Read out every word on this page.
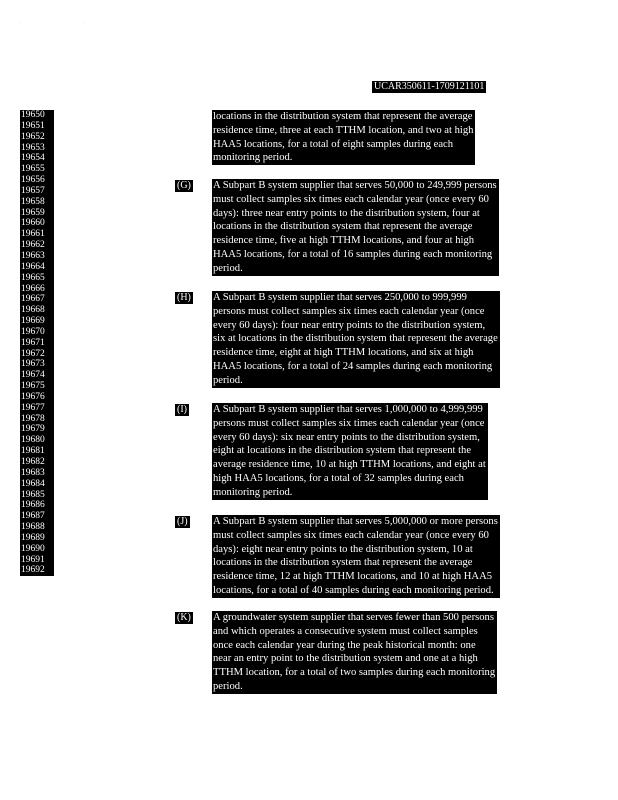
· ·
UCAR350611-1709121101
19650
19651
19652
19653
19654
19655
19656
19657
19658
19659
19660
19661
19662
19663
19664
19665
19666
19667
19668
19669
19670
19671
19672
19673
19674
19675
19676
19677
19678
19679
19680
19681
19682
19683
19684
19685
19686
19687
19688
19689
19690
19691
19692
locations in the distribution system that represent the average
residence time, three at each TTHM location, and two at high
HAA5 locations, for a total of eight samples during each
monitoring period.
(G) A Subpart B system supplier that serves 50,000 to 249,999 persons
must collect samples six times each calendar year (once every 60
days): three near entry points to the distribution system, four at
locations in the distribution system that represent the average
residence time, five at high TTHM locations, and four at high
HAA5 locations, for a total of 16 samples during each monitoring
period.
(H) A Subpart B system supplier that serves 250,000 to 999,999
persons must collect samples six times each calendar year (once
every 60 days): four near entry points to the distribution system,
six at locations in the distribution system that represent the average
residence time, eight at high TTHM locations, and six at high
HAA5 locations, for a total of 24 samples during each monitoring
period.
(I) A Subpart B system supplier that serves 1,000,000 to 4,999,999
persons must collect samples six times each calendar year (once
every 60 days): six near entry points to the distribution system,
eight at locations in the distribution system that represent the
average residence time, 10 at high TTHM locations, and eight at
high HAA5 locations, for a total of 32 samples during each
monitoring period.
(J) A Subpart B system supplier that serves 5,000,000 or more persons
must collect samples six times each calendar year (once every 60
days): eight near entry points to the distribution system, 10 at
locations in the distribution system that represent the average
residence time, 12 at high TTHM locations, and 10 at high HAA5
locations, for a total of 40 samples during each monitoring period.
(K) A groundwater system supplier that serves fewer than 500 persons
and which operates a consecutive system must collect samples
once each calendar year during the peak historical month: one
near an entry point to the distribution system and one at a high
TTHM location, for a total of two samples during each monitoring
period.
